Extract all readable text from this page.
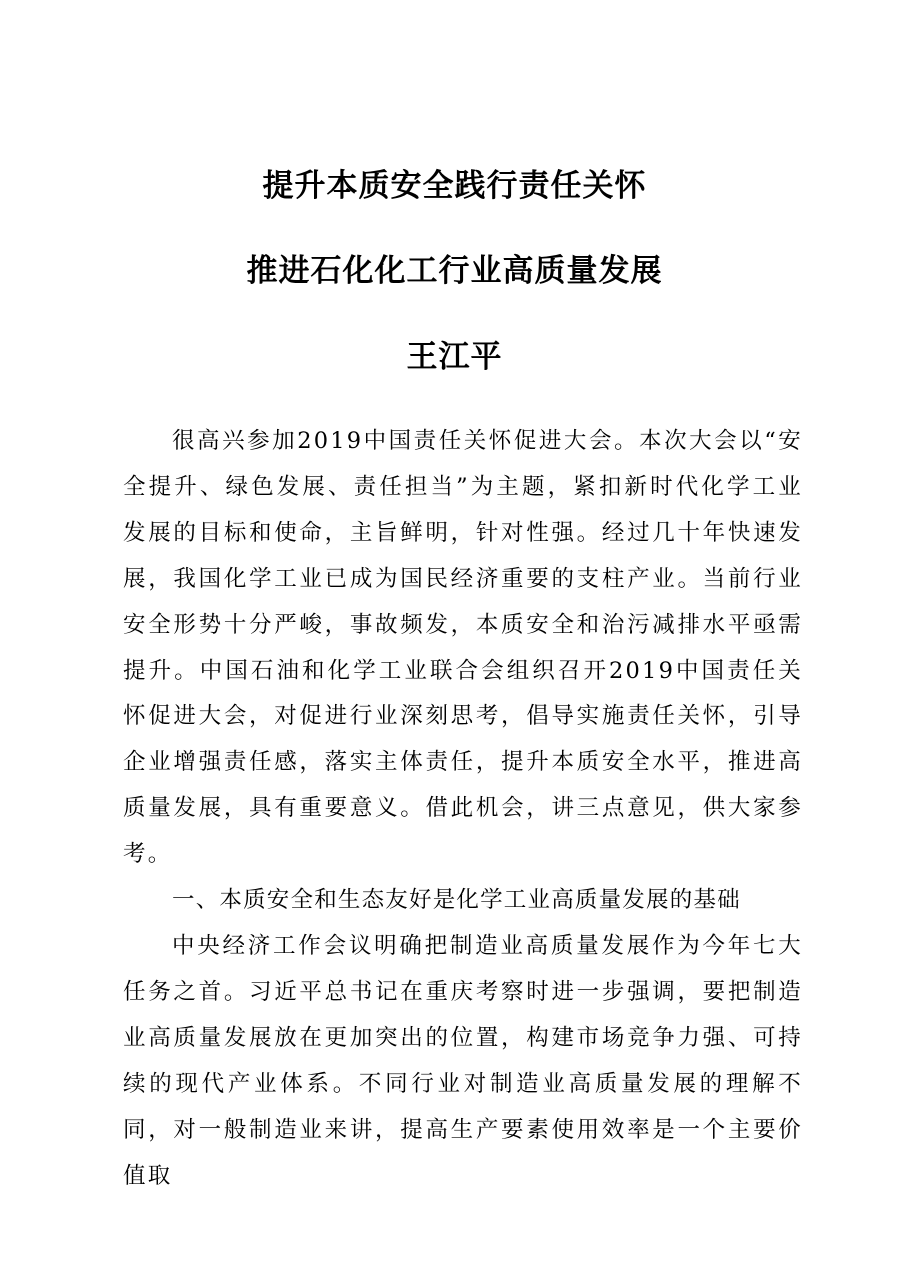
提升本质安全践行责任关怀
推进石化化工行业高质量发展
王江平

很高兴参加2019中国责任关怀促进大会。本次大会以“安全提升、绿色发展、责任担当”为主题，紧扣新时代化学工业发展的目标和使命，主旨鲜明，针对性强。经过几十年快速发展，我国化学工业已成为国民经济重要的支柱产业。当前行业安全形势十分严峻，事故频发，本质安全和治污减排水平亟需提升。中国石油和化学工业联合会组织召开2019中国责任关怀促进大会，对促进行业深刻思考，倡导实施责任关怀，引导企业增强责任感，落实主体责任，提升本质安全水平，推进高质量发展，具有重要意义。借此机会，讲三点意见，供大家参考。

一、本质安全和生态友好是化学工业高质量发展的基础

中央经济工作会议明确把制造业高质量发展作为今年七大任务之首。习近平总书记在重庆考察时进一步强调，要把制造业高质量发展放在更加突出的位置，构建市场竞争力强、可持续的现代产业体系。不同行业对制造业高质量发展的理解不同，对一般制造业来讲，提高生产要素使用效率是一个主要价值取
